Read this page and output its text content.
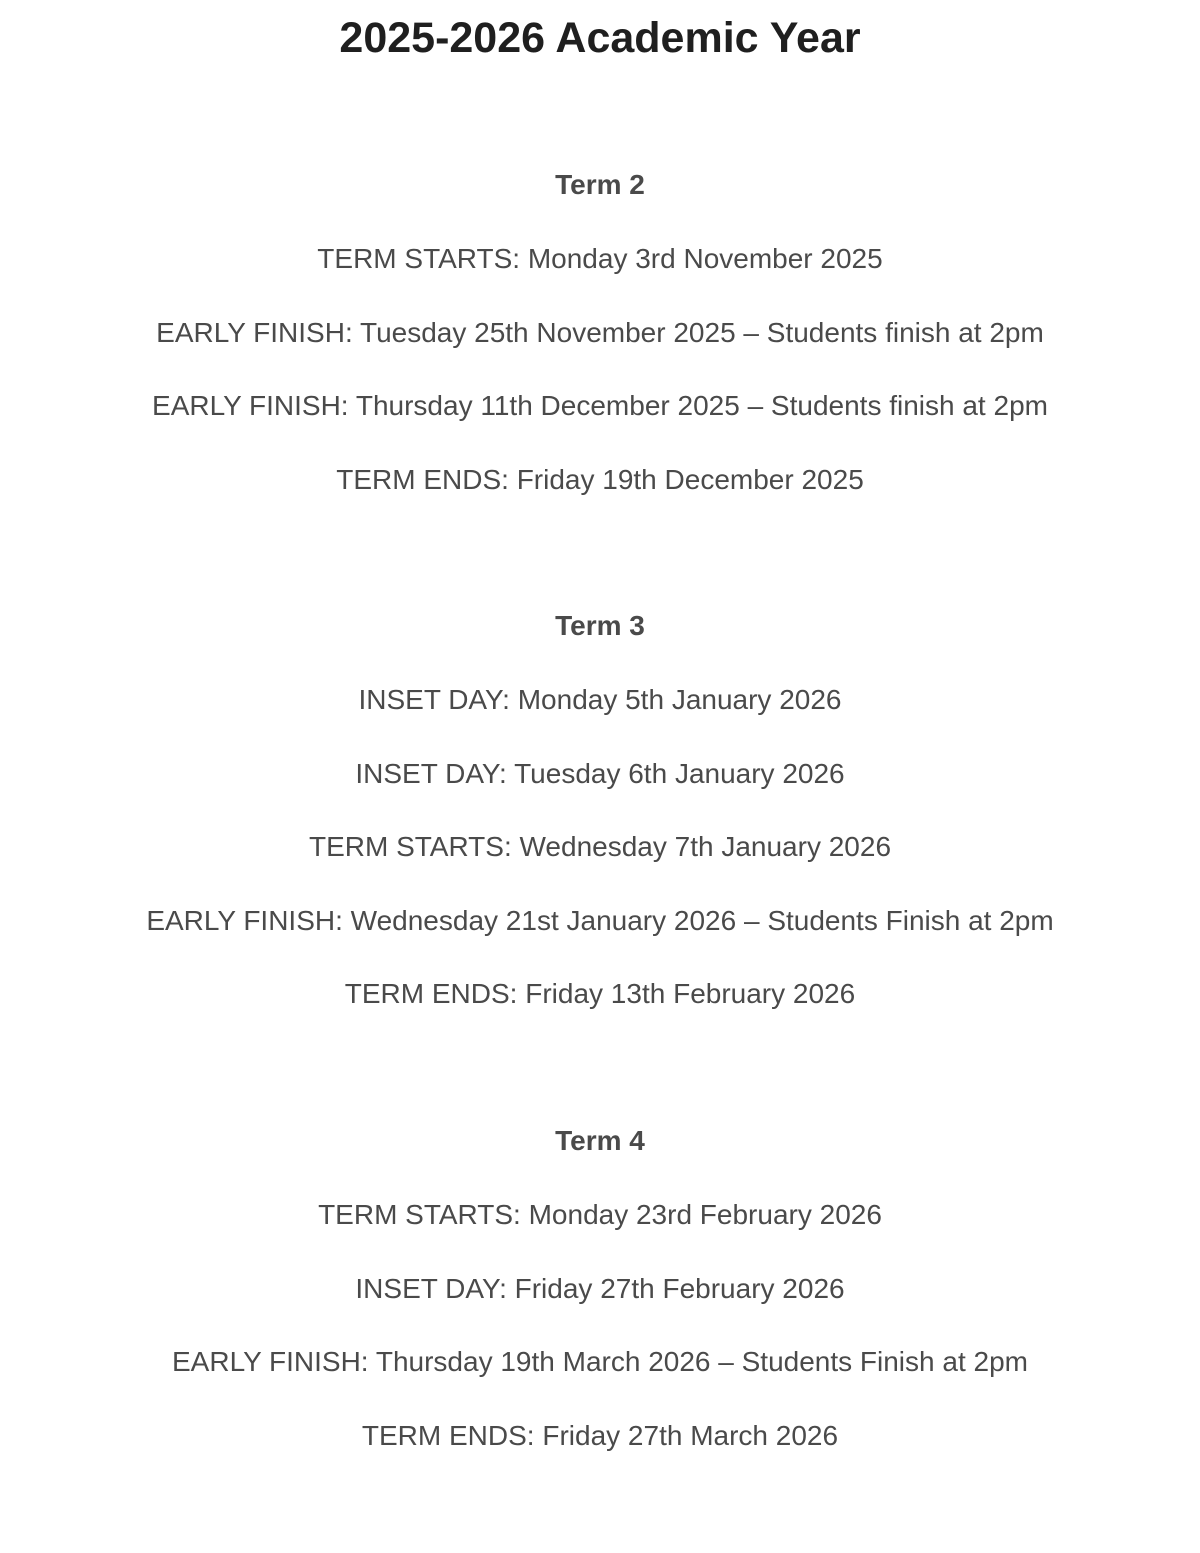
2025-2026 Academic Year

Term 2

TERM STARTS: Monday 3rd November 2025

EARLY FINISH: Tuesday 25th November 2025 – Students finish at 2pm

EARLY FINISH: Thursday 11th December 2025 – Students finish at 2pm

TERM ENDS: Friday 19th December 2025

Term 3

INSET DAY: Monday 5th January 2026

INSET DAY: Tuesday 6th January 2026

TERM STARTS: Wednesday 7th January 2026

EARLY FINISH: Wednesday 21st January 2026 – Students Finish at 2pm

TERM ENDS: Friday 13th February 2026

Term 4

TERM STARTS: Monday 23rd February 2026

INSET DAY: Friday 27th February 2026

EARLY FINISH: Thursday 19th March 2026 – Students Finish at 2pm

TERM ENDS: Friday 27th March 2026
